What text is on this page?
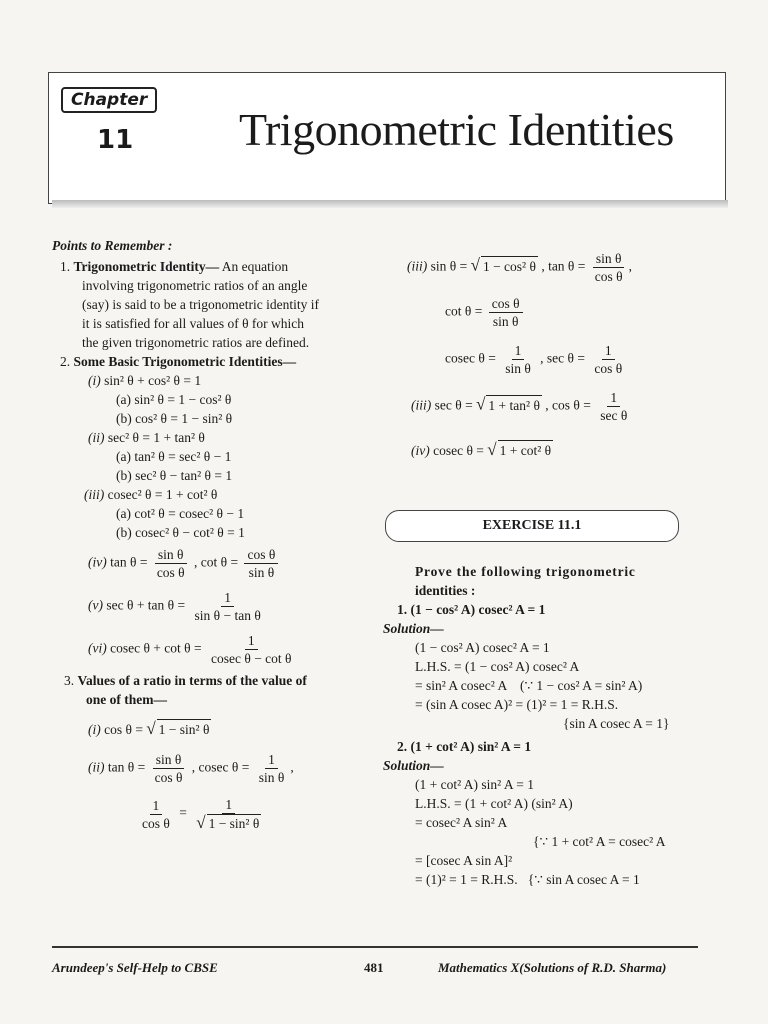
Chapter
11 Trigonometric Identities

Points to Remember :

1. Trigonometric Identity— An equation

involving trigonometric ratios of an angle

(say) is said to be a trigonometric identity if

it is satisfied for all values of θ for which

the given trigonometric ratios are defined.

2. Some Basic Trigonometric Identities—

(i) sin² θ + cos² θ = 1

(a) sin² θ = 1 − cos² θ

(b) cos² θ = 1 − sin² θ

(ii) sec² θ = 1 + tan² θ

(a) tan² θ = sec² θ − 1

(b) sec² θ − tan² θ = 1

(iii) cosec² θ = 1 + cot² θ

(a) cot² θ = cosec² θ − 1

(b) cosec² θ − cot² θ = 1

(iv) $\tan \theta = \frac{\text{sin θ}}{\text{cos θ}}$ , $\cot \theta = \frac{\text{cos θ}}{\text{sin θ}}$

(v) $\sec \theta + \tan \theta = \frac{1}{\text{sin θ − tan θ}}$

(vi) cosec $\theta + \cot \theta = \frac{1}{\text{cosec θ − cot θ}}$

3. Values of a ratio in terms of the value of

one of them—

(i) cos θ = √ 1 − sin² θ

(ii) $\tan \theta = \frac{\text{sin θ}}{\text{cos θ}}$ , cosec $\theta = \frac{1}{\text{sin θ}}$ ,

$\frac{1}{\text{cos θ}} = \frac{1}{\text{√ 1 − sin² θ}}$

(iii) sin θ = √ 1 − cos² θ , $\tan \theta = \frac{\text{sin θ}}{\text{cos θ}}$ ,

$\cot \theta = \frac{\text{cos θ}}{\text{sin θ}}$

cosec $\theta = \frac{1}{\text{sin θ}}$ , $\sec \theta = \frac{1}{\text{cos θ}}$

(iii) sec θ = √ 1 + tan² θ , $\cos \theta = \frac{1}{\text{sec θ}}$

(iv) cosec θ = √ 1 + cot² θ

EXERCISE 11.1

Prove the following trigonometric

identities :

1. (1 − cos² A) cosec² A = 1

Solution—

(1 − cos² A) cosec² A = 1

L.H.S. = (1 − cos² A) cosec² A

= sin² A cosec² A (∵ 1 − cos² A = sin² A)

= (sin A cosec A)² = (1)² = 1 = R.H.S.

{sin A cosec A = 1}

2. (1 + cot² A) sin² A = 1

Solution—

(1 + cot² A) sin² A = 1

L.H.S. = (1 + cot² A) (sin² A)

= cosec² A sin² A

{∵ 1 + cot² A = cosec² A

= [cosec A sin A]²

= (1)² = 1 = R.H.S. {∵ sin A cosec A = 1

Arundeep's Self-Help to CBSE	481	Mathematics X(Solutions of R.D. Sharma)
